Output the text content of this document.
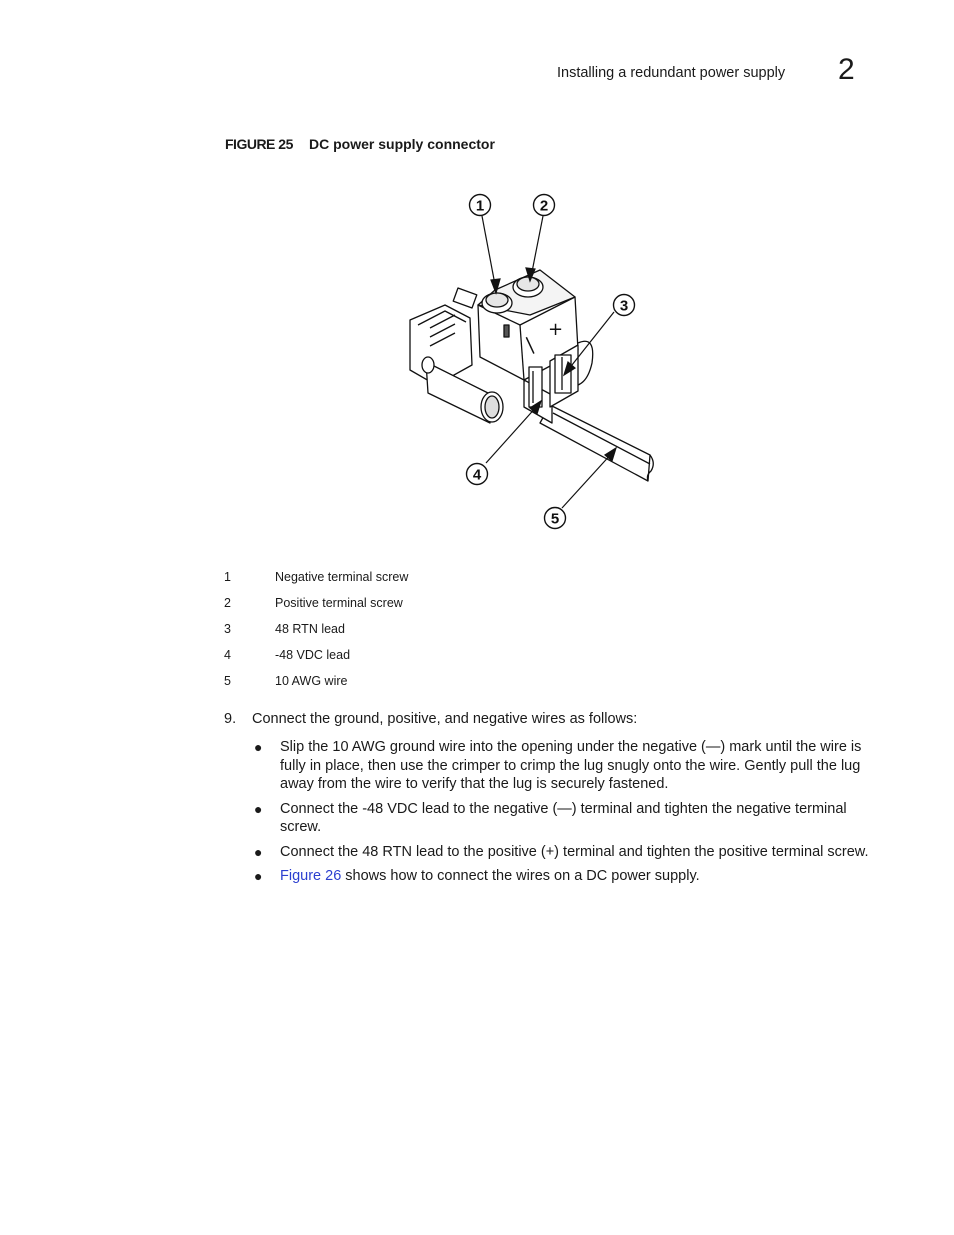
Installing a redundant power supply 2
FIGURE 25 DC power supply connector
|
+
1	2
3
4
5
1	Negative terminal screw
2	Positive terminal screw
3	48 RTN lead
4	-48 VDC lead
5	10 AWG wire
9. Connect the ground, positive, and negative wires as follows:
● Slip the 10 AWG ground wire into the opening under the negative (—) mark until the wire is fully in place, then use the crimper to crimp the lug snugly onto the wire. Gently pull the lug away from the wire to verify that the lug is securely fastened.
● Connect the -48 VDC lead to the negative (—) terminal and tighten the negative terminal screw.
● Connect the 48 RTN lead to the positive (+) terminal and tighten the positive terminal screw.
● Figure 26 shows how to connect the wires on a DC power supply.
